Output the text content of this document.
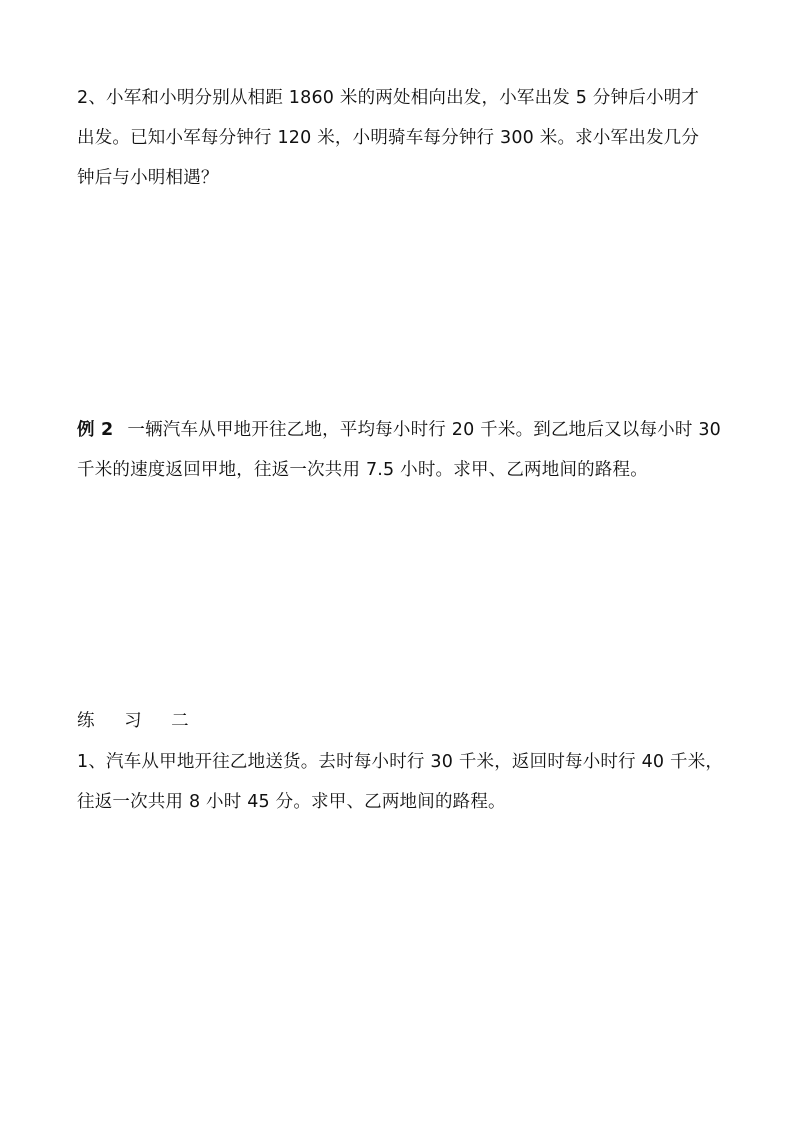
2、小军和小明分别从相距 1860 米的两处相向出发，小军出发 5 分钟后小明才
出发。已知小军每分钟行 120 米，小明骑车每分钟行 300 米。求小军出发几分
钟后与小明相遇？
例 2 一辆汽车从甲地开往乙地，平均每小时行 20 千米。到乙地后又以每小时 30
千米的速度返回甲地，往返一次共用 7.5 小时。求甲、乙两地间的路程。
练 习 二
1、汽车从甲地开往乙地送货。去时每小时行 30 千米，返回时每小时行 40 千米，
往返一次共用 8 小时 45 分。求甲、乙两地间的路程。
